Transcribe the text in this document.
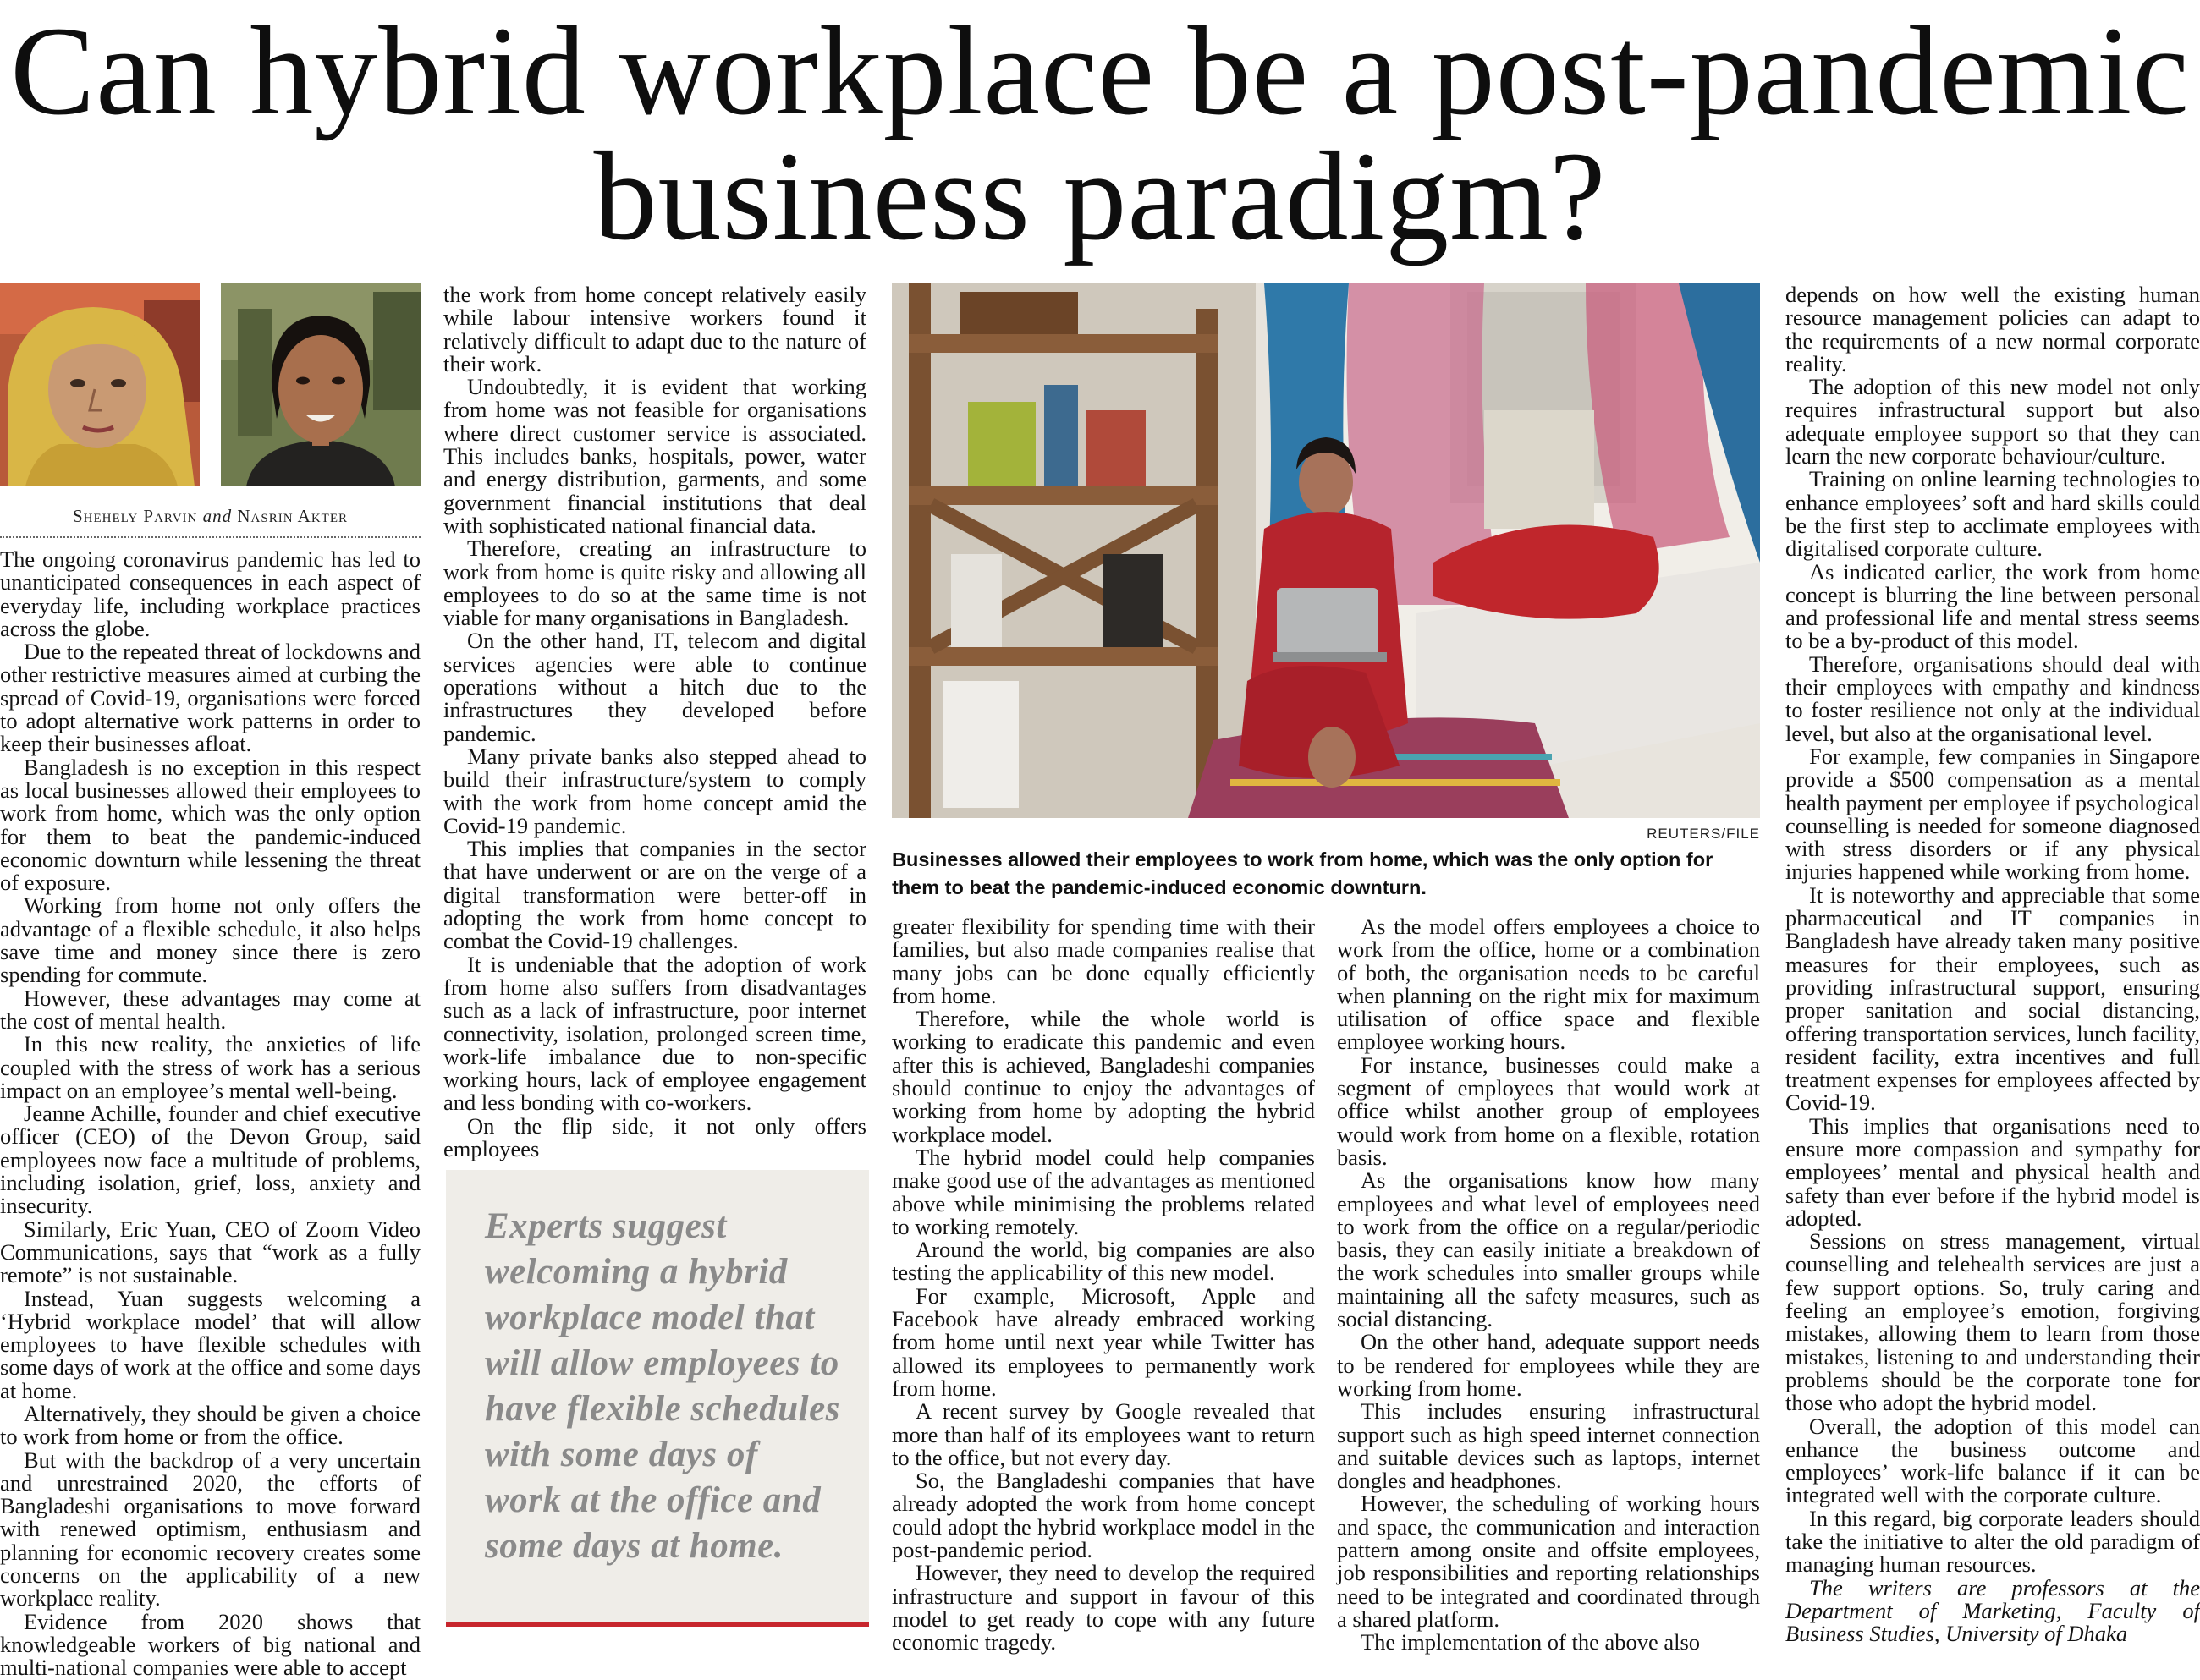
Can hybrid workplace be a post-pandemic
business paradigm?
Shehely Parvin and Nasrin Akter

The ongoing coronavirus pandemic has led to unanticipated consequences in each aspect of everyday life, including workplace practices across the globe.

Due to the repeated threat of lockdowns and other restrictive measures aimed at curbing the spread of Covid-19, organisations were forced to adopt alternative work patterns in order to keep their businesses afloat.

Bangladesh is no exception in this respect as local businesses allowed their employees to work from home, which was the only option for them to beat the pandemic-induced economic downturn while lessening the threat of exposure.

Working from home not only offers the advantage of a flexible schedule, it also helps save time and money since there is zero spending for commute.

However, these advantages may come at the cost of mental health.

In this new reality, the anxieties of life coupled with the stress of work has a serious impact on an employee’s mental well-being.

Jeanne Achille, founder and chief executive officer (CEO) of the Devon Group, said employees now face a multitude of problems, including isolation, grief, loss, anxiety and insecurity.

Similarly, Eric Yuan, CEO of Zoom Video Communications, says that “work as a fully remote” is not sustainable.

Instead, Yuan suggests welcoming a ‘Hybrid workplace model’ that will allow employees to have flexible schedules with some days of work at the office and some days at home.

Alternatively, they should be given a choice to work from home or from the office.

But with the backdrop of a very uncertain and unrestrained 2020, the efforts of Bangladeshi organisations to move forward with renewed optimism, enthusiasm and planning for economic recovery creates some concerns on the applicability of a new workplace reality.

Evidence from 2020 shows that knowledgeable workers of big national and multi-national companies were able to accept

the work from home concept relatively easily while labour intensive workers found it relatively difficult to adapt due to the nature of their work.

Undoubtedly, it is evident that working from home was not feasible for organisations where direct customer service is associated. This includes banks, hospitals, power, water and energy distribution, garments, and some government financial institutions that deal with sophisticated national financial data.

Therefore, creating an infrastructure to work from home is quite risky and allowing all employees to do so at the same time is not viable for many organisations in Bangladesh.

On the other hand, IT, telecom and digital services agencies were able to continue operations without a hitch due to the infrastructures they developed before pandemic.

Many private banks also stepped ahead to build their infrastructure/system to comply with the work from home concept amid the Covid-19 pandemic.

This implies that companies in the sector that have underwent or are on the verge of a digital transformation were better-off in adopting the work from home concept to combat the Covid-19 challenges.

It is undeniable that the adoption of work from home also suffers from disadvantages such as a lack of infrastructure, poor internet connectivity, isolation, prolonged screen time, work-life imbalance due to non-specific working hours, lack of employee engagement and less bonding with co-workers.

On the flip side, it not only offers employees

Experts suggest welcoming a hybrid workplace model that will allow employees to have flexible schedules with some days of work at the office and some days at home.
REUTERS/FILE
Businesses allowed their employees to work from home, which was the only option for them to beat the pandemic-induced economic downturn.

greater flexibility for spending time with their families, but also made companies realise that many jobs can be done equally efficiently from home.

Therefore, while the whole world is working to eradicate this pandemic and even after this is achieved, Bangladeshi companies should continue to enjoy the advantages of working from home by adopting the hybrid workplace model.

The hybrid model could help companies make good use of the advantages as mentioned above while minimising the problems related to working remotely.

Around the world, big companies are also testing the applicability of this new model.

For example, Microsoft, Apple and Facebook have already embraced working from home until next year while Twitter has allowed its employees to permanently work from home.

A recent survey by Google revealed that more than half of its employees want to return to the office, but not every day.

So, the Bangladeshi companies that have already adopted the work from home concept could adopt the hybrid workplace model in the post-pandemic period.

However, they need to develop the required infrastructure and support in favour of this model to get ready to cope with any future economic tragedy.

As the model offers employees a choice to work from the office, home or a combination of both, the organisation needs to be careful when planning on the right mix for maximum utilisation of office space and flexible employee working hours.

For instance, businesses could make a segment of employees that would work at office whilst another group of employees would work from home on a flexible, rotation basis.

As the organisations know how many employees and what level of employees need to work from the office on a regular/periodic basis, they can easily initiate a breakdown of the work schedules into smaller groups while maintaining all the safety measures, such as social distancing.

On the other hand, adequate support needs to be rendered for employees while they are working from home.

This includes ensuring infrastructural support such as high speed internet connection and suitable devices such as laptops, internet dongles and headphones.

However, the scheduling of working hours and space, the communication and interaction pattern among onsite and offsite employees, job responsibilities and reporting relationships need to be integrated and coordinated through a shared platform.

The implementation of the above also

depends on how well the existing human resource management policies can adapt to the requirements of a new normal corporate reality.

The adoption of this new model not only requires infrastructural support but also adequate employee support so that they can learn the new corporate behaviour/culture.

Training on online learning technologies to enhance employees’ soft and hard skills could be the first step to acclimate employees with digitalised corporate culture.

As indicated earlier, the work from home concept is blurring the line between personal and professional life and mental stress seems to be a by-product of this model.

Therefore, organisations should deal with their employees with empathy and kindness to foster resilience not only at the individual level, but also at the organisational level.

For example, few companies in Singapore provide a $500 compensation as a mental health payment per employee if psychological counselling is needed for someone diagnosed with stress disorders or if any physical injuries happened while working from home.

It is noteworthy and appreciable that some pharmaceutical and IT companies in Bangladesh have already taken many positive measures for their employees, such as providing infrastructural support, ensuring proper sanitation and social distancing, offering transportation services, lunch facility, resident facility, extra incentives and full treatment expenses for employees affected by Covid-19.

This implies that organisations need to ensure more compassion and sympathy for employees’ mental and physical health and safety than ever before if the hybrid model is adopted.

Sessions on stress management, virtual counselling and telehealth services are just a few support options. So, truly caring and feeling an employee’s emotion, forgiving mistakes, allowing them to learn from those mistakes, listening to and understanding their problems should be the corporate tone for those who adopt the hybrid model.

Overall, the adoption of this model can enhance the business outcome and employees’ work-life balance if it can be integrated well with the corporate culture.

In this regard, big corporate leaders should take the initiative to alter the old paradigm of managing human resources.

The writers are professors at the Department of Marketing, Faculty of Business Studies, University of Dhaka
